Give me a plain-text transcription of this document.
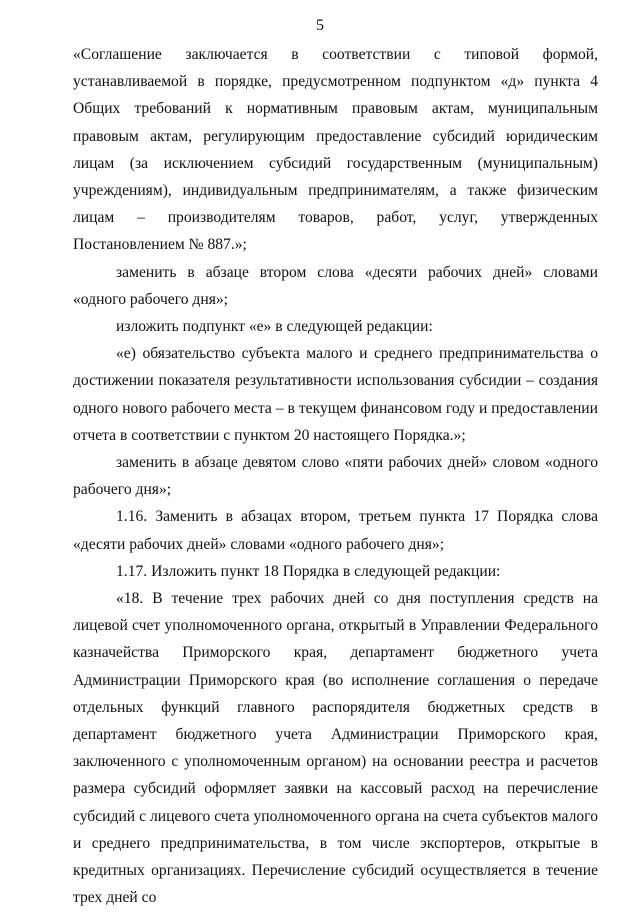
5

«Соглашение заключается в соответствии с типовой формой, устанавливаемой в порядке, предусмотренном подпунктом «д» пункта 4 Общих требований к нормативным правовым актам, муниципальным правовым актам, регулирующим предоставление субсидий юридическим лицам (за исключением субсидий государственным (муниципальным) учреждениям), индивидуальным предпринимателям, а также физическим лицам – производителям товаров, работ, услуг, утвержденных Постановлением № 887.»;

заменить в абзаце втором слова «десяти рабочих дней» словами «одного рабочего дня»;

изложить подпункт «е» в следующей редакции:

«е) обязательство субъекта малого и среднего предпринимательства о достижении показателя результативности использования субсидии – создания одного нового рабочего места – в текущем финансовом году и предоставлении отчета в соответствии с пунктом 20 настоящего Порядка.»;

заменить в абзаце девятом слово «пяти рабочих дней» словом «одного рабочего дня»;

1.16. Заменить в абзацах втором, третьем пункта 17 Порядка слова «десяти рабочих дней» словами «одного рабочего дня»;

1.17. Изложить пункт 18 Порядка в следующей редакции:

«18. В течение трех рабочих дней со дня поступления средств на лицевой счет уполномоченного органа, открытый в Управлении Федерального казначейства Приморского края, департамент бюджетного учета Администрации Приморского края (во исполнение соглашения о передаче отдельных функций главного распорядителя бюджетных средств в департамент бюджетного учета Администрации Приморского края, заключенного с уполномоченным органом) на основании реестра и расчетов размера субсидий оформляет заявки на кассовый расход на перечисление субсидий с лицевого счета уполномоченного органа на счета субъектов малого и среднего предпринимательства, в том числе экспортеров, открытые в кредитных организациях. Перечисление субсидий осуществляется в течение трех дней со
